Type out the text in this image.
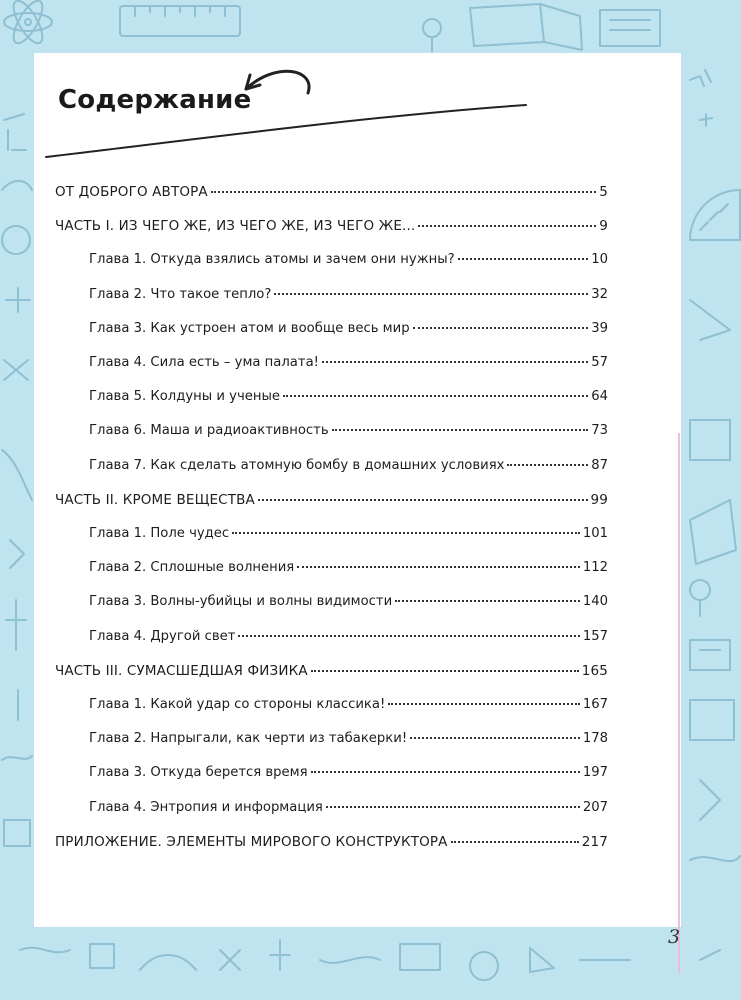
Содержание
ОТ ДОБРОГО АВТОРА	5
ЧАСТЬ I. ИЗ ЧЕГО ЖЕ, ИЗ ЧЕГО ЖЕ, ИЗ ЧЕГО ЖЕ...	9
Глава 1. Откуда взялись атомы и зачем они нужны?	10
Глава 2. Что такое тепло?	32
Глава 3. Как устроен атом и вообще весь мир	39
Глава 4. Сила есть – ума палата!	57
Глава 5. Колдуны и ученые	64
Глава 6. Маша и радиоактивность	73
Глава 7. Как сделать атомную бомбу в домашних условиях	87
ЧАСТЬ II. КРОМЕ ВЕЩЕСТВА	99
Глава 1. Поле чудес	101
Глава 2. Сплошные волнения	112
Глава 3. Волны-убийцы и волны видимости	140
Глава 4. Другой свет	157
ЧАСТЬ III. СУМАСШЕДШАЯ ФИЗИКА	165
Глава 1. Какой удар со стороны классика!	167
Глава 2. Напрыгали, как черти из табакерки!	178
Глава 3. Откуда берется время	197
Глава 4. Энтропия и информация	207
ПРИЛОЖЕНИЕ. ЭЛЕМЕНТЫ МИРОВОГО КОНСТРУКТОРА	217
3
